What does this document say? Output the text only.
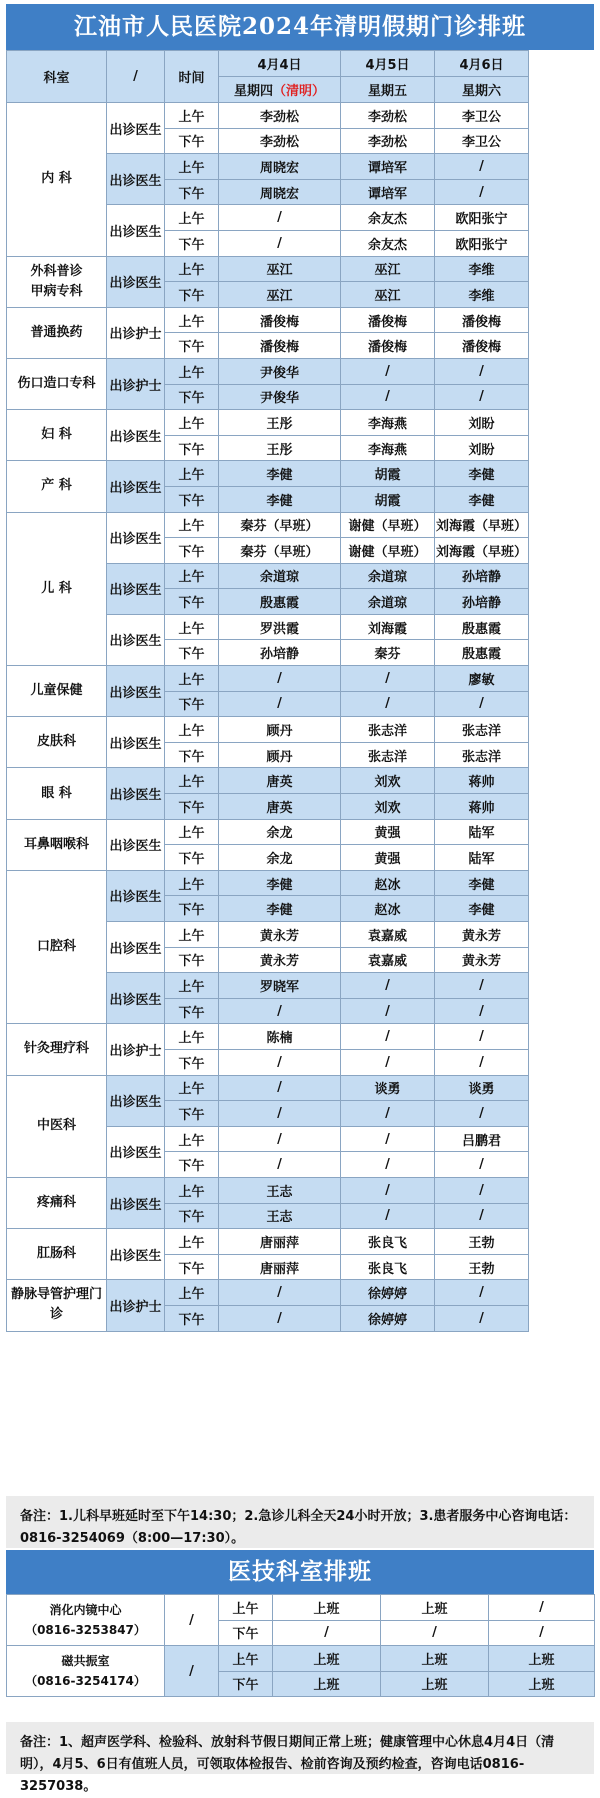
江油市人民医院2024年清明假期门诊排班
科室	/	时间	4月4日	4月5日	4月6日
			星期四（清明）	星期五	星期六
内 科	出诊医生	上午	李劲松	李劲松	李卫公
		下午	李劲松	李劲松	李卫公
	出诊医生	上午	周晓宏	谭培军	/
		下午	周晓宏	谭培军	/
	出诊医生	上午	/	余友杰	欧阳张宁
		下午	/	余友杰	欧阳张宁
外科普诊
甲病专科	出诊医生	上午	巫江	巫江	李维
		下午	巫江	巫江	李维
普通换药	出诊护士	上午	潘俊梅	潘俊梅	潘俊梅
		下午	潘俊梅	潘俊梅	潘俊梅
伤口造口专科	出诊护士	上午	尹俊华	/	/
		下午	尹俊华	/	/
妇 科	出诊医生	上午	王彤	李海燕	刘盼
		下午	王彤	李海燕	刘盼
产 科	出诊医生	上午	李健	胡霞	李健
		下午	李健	胡霞	李健
儿 科	出诊医生	上午	秦芬（早班）	谢健（早班）	刘海霞（早班）
		下午	秦芬（早班）	谢健（早班）	刘海霞（早班）
	出诊医生	上午	余道琼	余道琼	孙培静
		下午	殷惠霞	余道琼	孙培静
	出诊医生	上午	罗洪霞	刘海霞	殷惠霞
		下午	孙培静	秦芬	殷惠霞
儿童保健	出诊医生	上午	/	/	廖敏
		下午	/	/	/
皮肤科	出诊医生	上午	顾丹	张志洋	张志洋
		下午	顾丹	张志洋	张志洋
眼 科	出诊医生	上午	唐英	刘欢	蒋帅
		下午	唐英	刘欢	蒋帅
耳鼻咽喉科	出诊医生	上午	余龙	黄强	陆军
		下午	余龙	黄强	陆军
口腔科	出诊医生	上午	李健	赵冰	李健
		下午	李健	赵冰	李健
	出诊医生	上午	黄永芳	袁嘉威	黄永芳
		下午	黄永芳	袁嘉威	黄永芳
	出诊医生	上午	罗晓军	/	/
		下午	/	/	/
针灸理疗科	出诊护士	上午	陈楠	/	/
		下午	/	/	/
中医科	出诊医生	上午	/	谈勇	谈勇
		下午	/	/	/
	出诊医生	上午	/	/	吕鹏君
		下午	/	/	/
疼痛科	出诊医生	上午	王志	/	/
		下午	王志	/	/
肛肠科	出诊医生	上午	唐丽萍	张良飞	王勃
		下午	唐丽萍	张良飞	王勃
静脉导管护理门诊	出诊护士	上午	/	徐婷婷	/
		下午	/	徐婷婷	/
备注：1.儿科早班延时至下午14:30；2.急诊儿科全天24小时开放；3.患者服务中心咨询电话：0816-3254069（8:00—17:30）。
医技科室排班
消化内镜中心
（0816-3253847）	/	上午	上班	上班	/
		下午	/	/	/
磁共振室
（0816-3254174）	/	上午	上班	上班	上班
		下午	上班	上班	上班
备注：1、超声医学科、检验科、放射科节假日期间正常上班；健康管理中心休息4月4日（清明），4月5、6日有值班人员，可领取体检报告、检前咨询及预约检查，咨询电话0816-3257038。
